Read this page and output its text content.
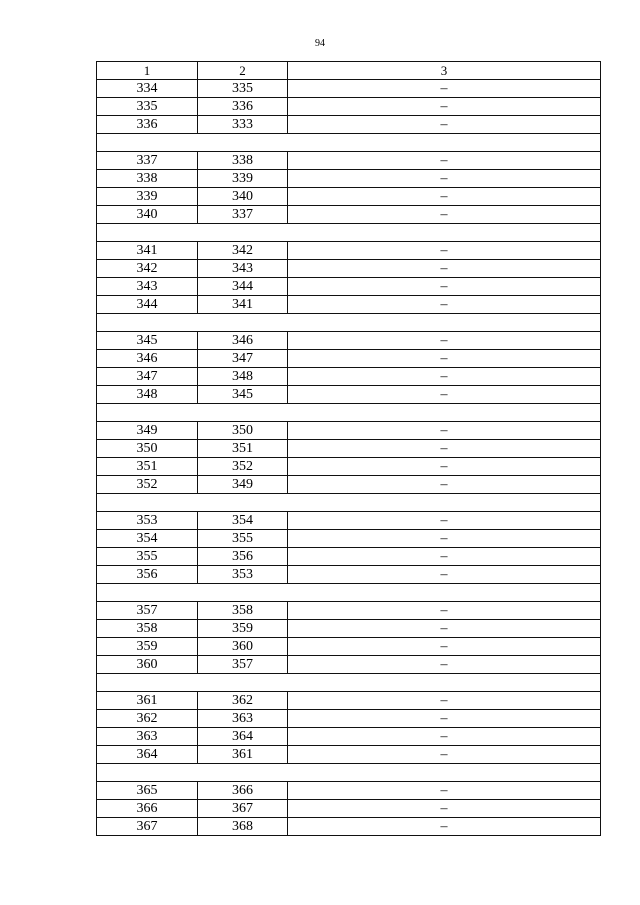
94
1	2	3
334	335	–
335	336	–
336	333	–

337	338	–
338	339	–
339	340	–
340	337	–

341	342	–
342	343	–
343	344	–
344	341	–

345	346	–
346	347	–
347	348	–
348	345	–

349	350	–
350	351	–
351	352	–
352	349	–

353	354	–
354	355	–
355	356	–
356	353	–

357	358	–
358	359	–
359	360	–
360	357	–

361	362	–
362	363	–
363	364	–
364	361	–

365	366	–
366	367	–
367	368	–
